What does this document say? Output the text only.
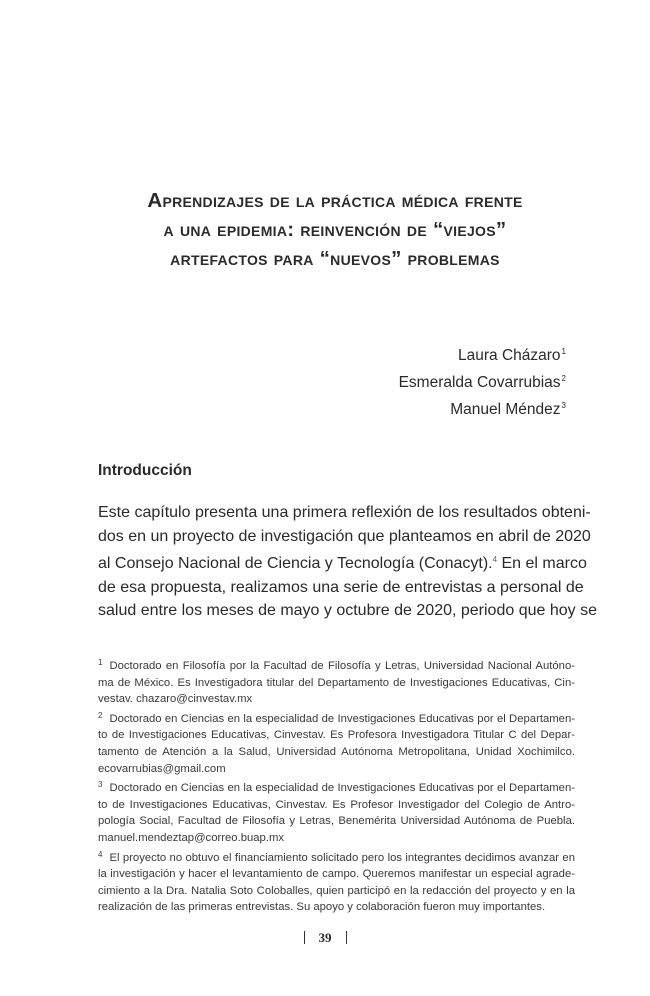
Aprendizajes de la práctica médica frente
a una epidemia: reinvención de “viejos”
artefactos para “nuevos” problemas
Laura Cházaro$^1$
Esmeralda Covarrubias$^2$
Manuel Méndez$^3$
Introducción
Este capítulo presenta una primera reflexión de los resultados obteni-
dos en un proyecto de investigación que planteamos en abril de 2020
al Consejo Nacional de Ciencia y Tecnología (Conacyt).$^4$ En el marco
de esa propuesta, realizamos una serie de entrevistas a personal de
salud entre los meses de mayo y octubre de 2020, periodo que hoy se
$^1$ Doctorado en Filosofía por la Facultad de Filosofía y Letras, Universidad Nacional Autóno-
ma de México. Es Investigadora titular del Departamento de Investigaciones Educativas, Cin-
vestav. chazaro@cinvestav.mx
$^2$ Doctorado en Ciencias en la especialidad de Investigaciones Educativas por el Departamen-
to de Investigaciones Educativas, Cinvestav. Es Profesora Investigadora Titular C del Depar-
tamento de Atención a la Salud, Universidad Autónoma Metropolitana, Unidad Xochimilco.
ecovarrubias@gmail.com
$^3$ Doctorado en Ciencias en la especialidad de Investigaciones Educativas por el Departamen-
to de Investigaciones Educativas, Cinvestav. Es Profesor Investigador del Colegio de Antro-
pología Social, Facultad de Filosofía y Letras, Benemérita Universidad Autónoma de Puebla.
manuel.mendeztap@correo.buap.mx
$^4$ El proyecto no obtuvo el financiamiento solicitado pero los integrantes decidimos avanzar en
la investigación y hacer el levantamiento de campo. Queremos manifestar un especial agrade-
cimiento a la Dra. Natalia Soto Coloballes, quien participó en la redacción del proyecto y en la
realización de las primeras entrevistas. Su apoyo y colaboración fueron muy importantes.
39
